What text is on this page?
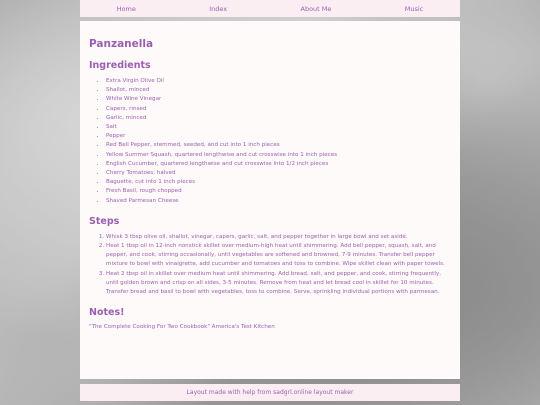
Home	Index	About Me	Music
Panzanella
Ingredients
• Extra Virgin Olive Oil
• Shallot, minced
• White Wine Vinegar
• Capers, rinsed
• Garlic, minced
• Salt
• Pepper
• Red Bell Pepper, stemmed, seeded, and cut into 1 inch pieces
• Yellow Summer Squash, quartered lengthwise and cut crosswise into 1 inch pieces
• English Cucumber, quartered lengthwise and cut crosswise into 1/2 inch pieces
• Cherry Tomatoes, halved
• Baguette, cut into 1 inch pieces
• Fresh Basil, rough chopped
• Shaved Parmesan Cheese
Steps
1. Whisk 3 tbsp olive oil, shallot, vinegar, capers, garlic, salt, and pepper together in large bowl and set aside.
2. Heat 1 tbsp oil in 12-inch nonstick skillet over medium-high heat until shimmering. Add bell pepper, squash, salt, and pepper, and cook, stirring occasionally, until vegetables are softened and browned, 7-9 minutes. Transfer bell pepper mixture to bowl with vinaigrette, add cucumber and tomatoes and toss to combine. Wipe skillet clean with paper towels.
3. Heat 2 tbsp oil in skillet over medium heat until shimmering. Add bread, salt, and pepper, and cook, stirring frequently, until golden brown and crisp on all sides, 3-5 minutes. Remove from heat and let bread cool in skillet for 10 minutes. Transfer bread and basil to bowl with vegetables, toss to combine. Serve, sprinkling individual portions with parmesan.
Notes!

"The Complete Cooking For Two Cookbook" America's Test Kitchen

Layout made with help from sadgrl.online layout maker
